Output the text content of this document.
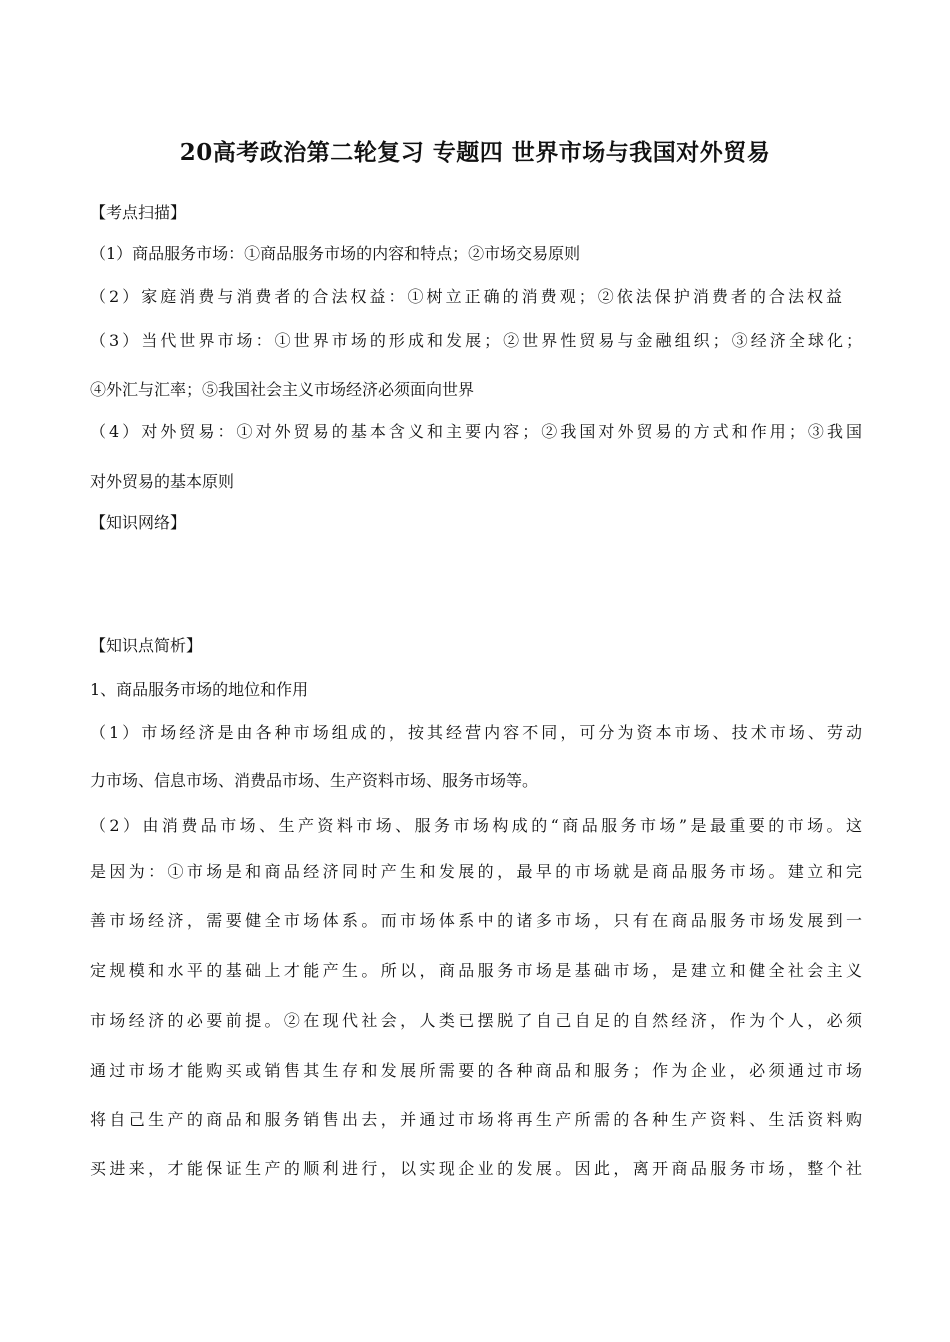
20高考政治第二轮复习 专题四 世界市场与我国对外贸易
【考点扫描】
（1）商品服务市场：①商品服务市场的内容和特点；②市场交易原则
（2）家庭消费与消费者的合法权益：①树立正确的消费观；②依法保护消费者的合法权益
（3）当代世界市场：①世界市场的形成和发展；②世界性贸易与金融组织；③经济全球化；
④外汇与汇率；⑤我国社会主义市场经济必须面向世界
（4）对外贸易：①对外贸易的基本含义和主要内容；②我国对外贸易的方式和作用；③我国
对外贸易的基本原则
【知识网络】
【知识点简析】
1、商品服务市场的地位和作用
（1）市场经济是由各种市场组成的，按其经营内容不同，可分为资本市场、技术市场、劳动
力市场、信息市场、消费品市场、生产资料市场、服务市场等。
（2）由消费品市场、生产资料市场、服务市场构成的“商品服务市场”是最重要的市场。这
是因为：①市场是和商品经济同时产生和发展的，最早的市场就是商品服务市场。建立和完
善市场经济，需要健全市场体系。而市场体系中的诸多市场，只有在商品服务市场发展到一
定规模和水平的基础上才能产生。所以，商品服务市场是基础市场，是建立和健全社会主义
市场经济的必要前提。②在现代社会，人类已摆脱了自己自足的自然经济，作为个人，必须
通过市场才能购买或销售其生存和发展所需要的各种商品和服务；作为企业，必须通过市场
将自己生产的商品和服务销售出去，并通过市场将再生产所需的各种生产资料、生活资料购
买进来，才能保证生产的顺利进行，以实现企业的发展。因此，离开商品服务市场，整个社
